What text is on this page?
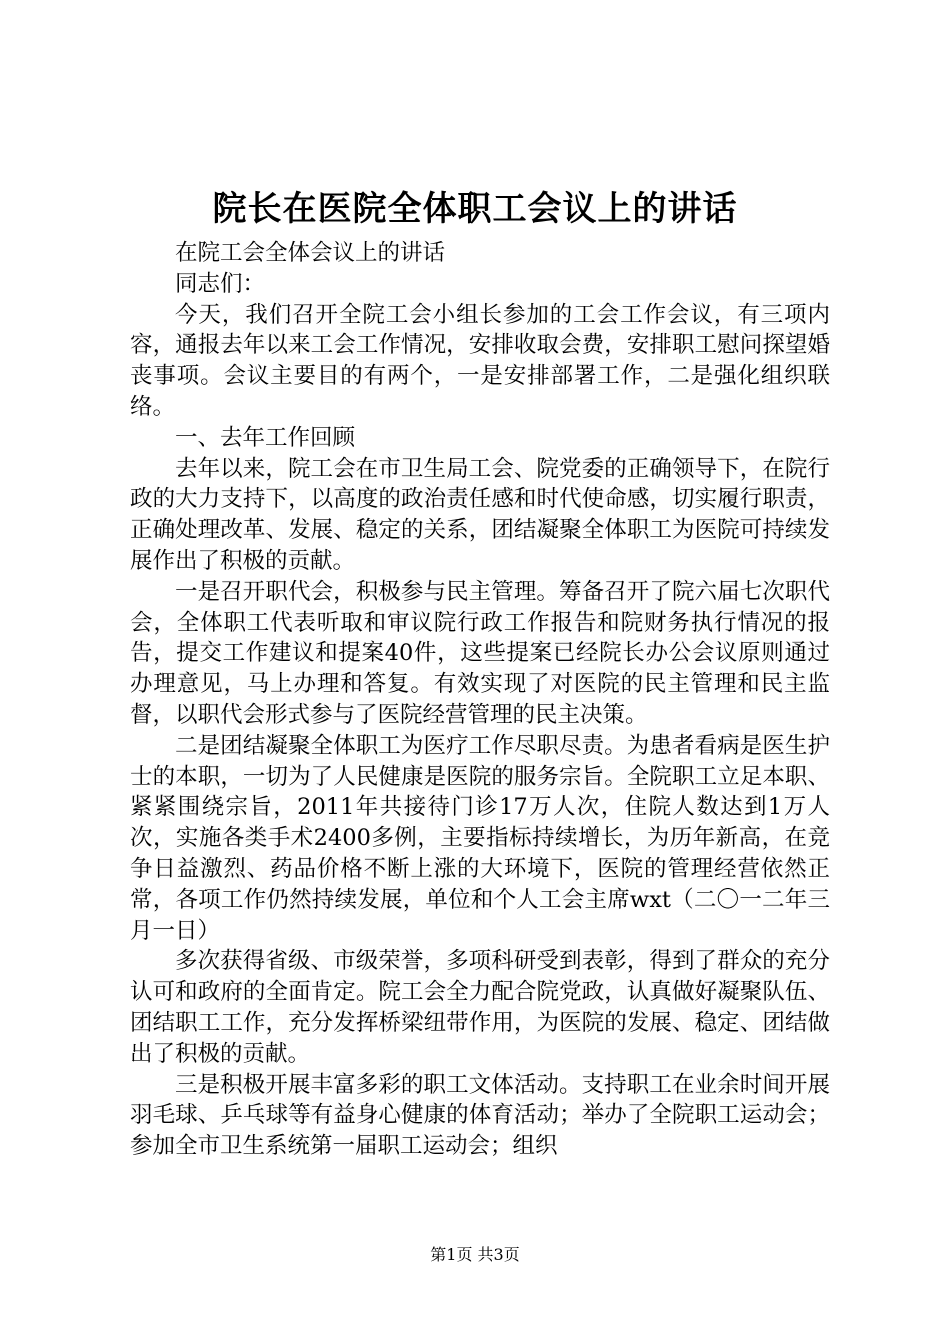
院长在医院全体职工会议上的讲话

在院工会全体会议上的讲话

同志们：

今天，我们召开全院工会小组长参加的工会工作会议，有三项内容，通报去年以来工会工作情况，安排收取会费，安排职工慰问探望婚丧事项。会议主要目的有两个，一是安排部署工作，二是强化组织联络。

一、去年工作回顾

去年以来，院工会在市卫生局工会、院党委的正确领导下，在院行政的大力支持下，以高度的政治责任感和时代使命感，切实履行职责，正确处理改革、发展、稳定的关系，团结凝聚全体职工为医院可持续发展作出了积极的贡献。

一是召开职代会，积极参与民主管理。筹备召开了院六届七次职代会，全体职工代表听取和审议院行政工作报告和院财务执行情况的报告，提交工作建议和提案40件，这些提案已经院长办公会议原则通过办理意见，马上办理和答复。有效实现了对医院的民主管理和民主监督，以职代会形式参与了医院经营管理的民主决策。

二是团结凝聚全体职工为医疗工作尽职尽责。为患者看病是医生护士的本职，一切为了人民健康是医院的服务宗旨。全院职工立足本职、紧紧围绕宗旨，2011年共接待门诊17万人次，住院人数达到1万人次，实施各类手术2400多例，主要指标持续增长，为历年新高，在竞争日益激烈、药品价格不断上涨的大环境下，医院的管理经营依然正常，各项工作仍然持续发展，单位和个人工会主席wxt（二〇一二年三月一日）

多次获得省级、市级荣誉，多项科研受到表彰，得到了群众的充分认可和政府的全面肯定。院工会全力配合院党政，认真做好凝聚队伍、团结职工工作，充分发挥桥梁纽带作用，为医院的发展、稳定、团结做出了积极的贡献。

三是积极开展丰富多彩的职工文体活动。支持职工在业余时间开展羽毛球、乒乓球等有益身心健康的体育活动；举办了全院职工运动会；参加全市卫生系统第一届职工运动会；组织

第1页 共3页
